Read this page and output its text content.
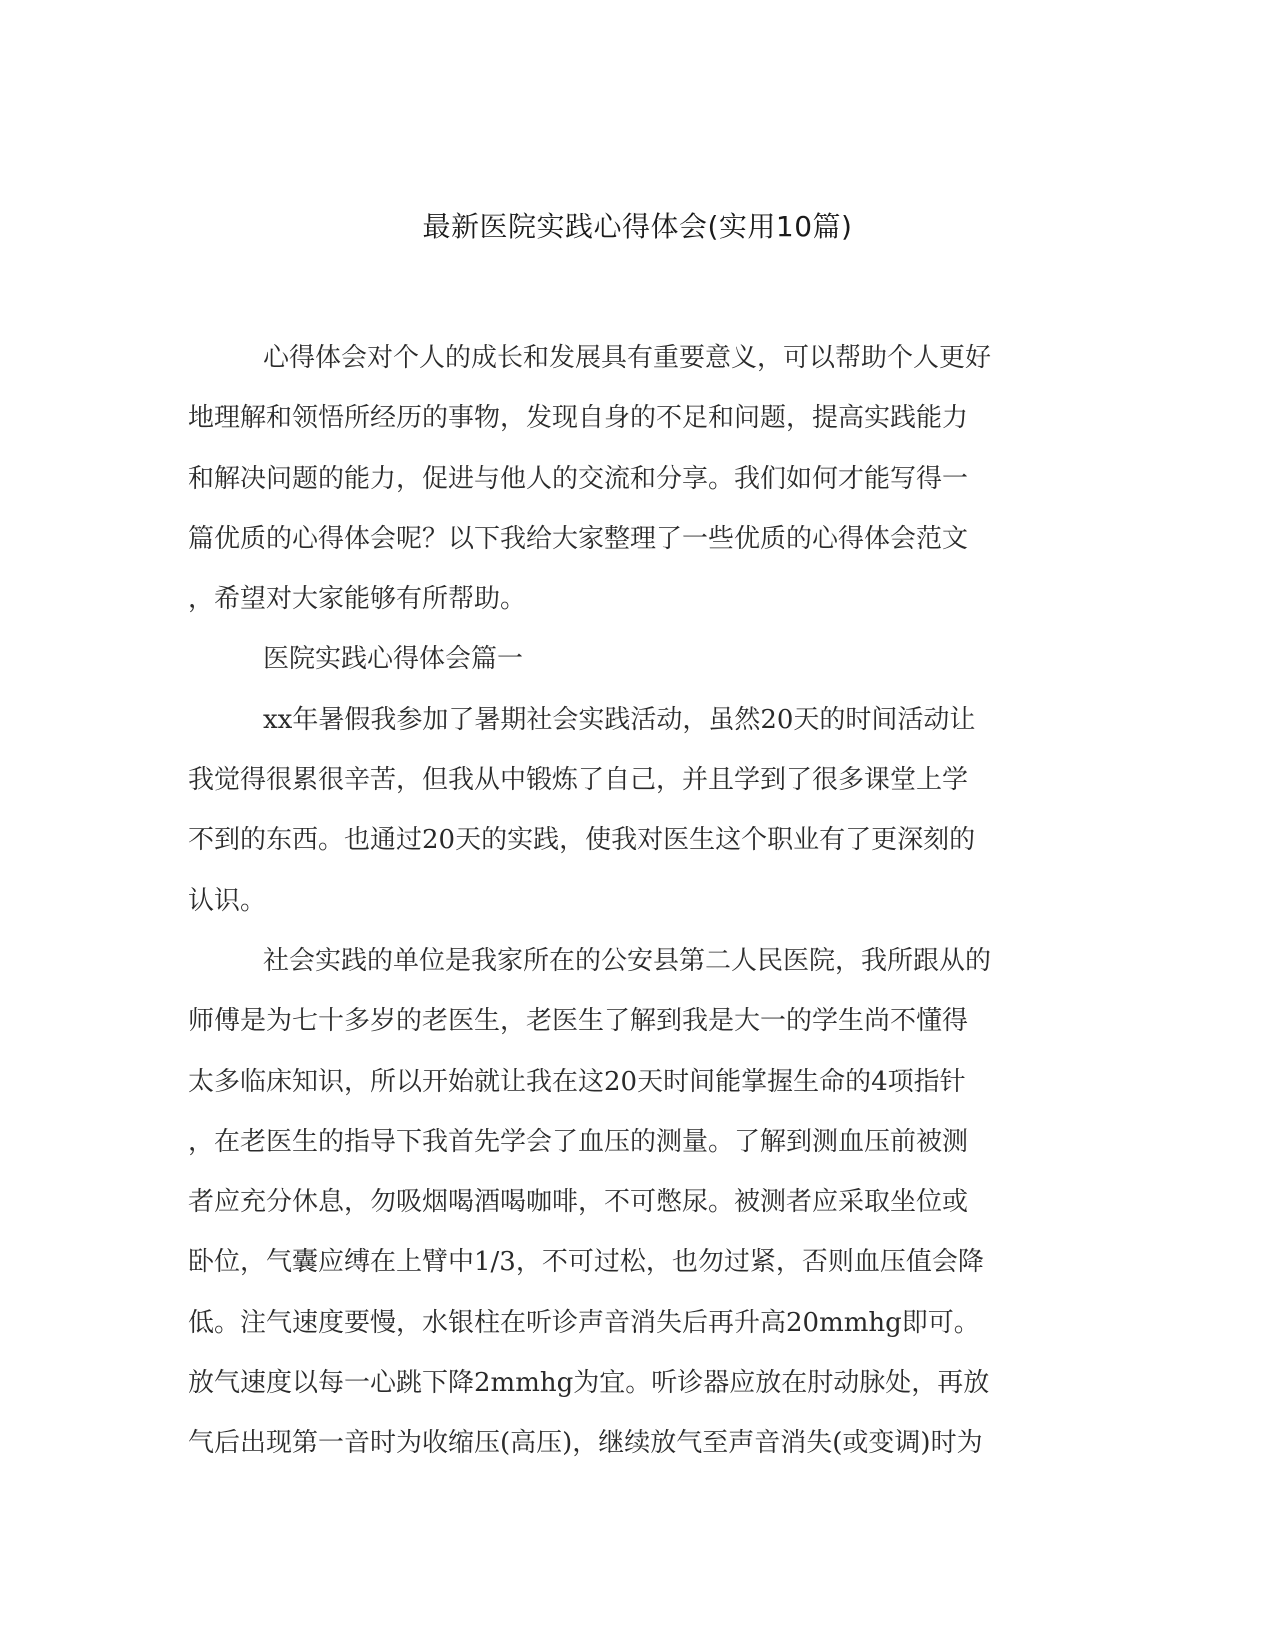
最新医院实践心得体会(实用10篇)
心得体会对个人的成长和发展具有重要意义，可以帮助个人更好
地理解和领悟所经历的事物，发现自身的不足和问题，提高实践能力
和解决问题的能力，促进与他人的交流和分享。我们如何才能写得一
篇优质的心得体会呢？以下我给大家整理了一些优质的心得体会范文
，希望对大家能够有所帮助。
医院实践心得体会篇一
xx年暑假我参加了暑期社会实践活动，虽然20天的时间活动让
我觉得很累很辛苦，但我从中锻炼了自己，并且学到了很多课堂上学
不到的东西。也通过20天的实践，使我对医生这个职业有了更深刻的
认识。
社会实践的单位是我家所在的公安县第二人民医院，我所跟从的
师傅是为七十多岁的老医生，老医生了解到我是大一的学生尚不懂得
太多临床知识，所以开始就让我在这20天时间能掌握生命的4项指针
，在老医生的指导下我首先学会了血压的测量。了解到测血压前被测
者应充分休息，勿吸烟喝酒喝咖啡，不可憋尿。被测者应采取坐位或
卧位，气囊应缚在上臂中1/3，不可过松，也勿过紧，否则血压值会降
低。注气速度要慢，水银柱在听诊声音消失后再升高20mmhg即可。
放气速度以每一心跳下降2mmhg为宜。听诊器应放在肘动脉处，再放
气后出现第一音时为收缩压(高压)，继续放气至声音消失(或变调)时为
